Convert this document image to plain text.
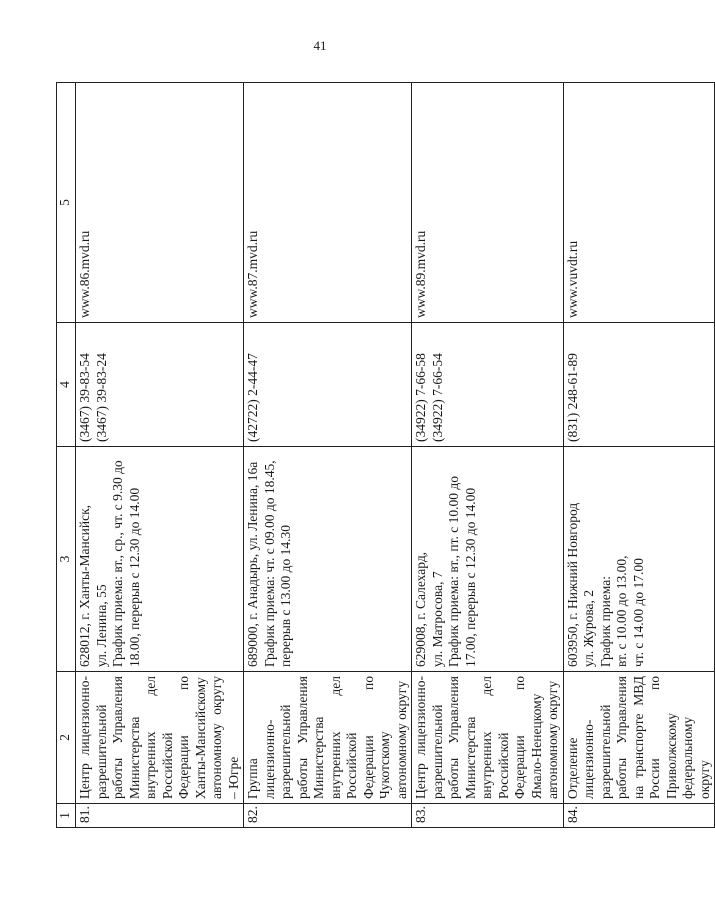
41
1	2	3	4	5
81.	Центр лицензионно-разрешительной работы Управления Министерства внутренних дел Российской Федерации по Ханты-Мансийскому автономному округу – Югре	628012, г. Ханты-Мансийск, ул. Ленина, 55 График приема: вт., ср., чт. с 9.30 до 18.00, перерыв с 12.30 до 14.00	(3467) 39-83-54 (3467) 39-83-24	www.86.mvd.ru
82.	Группа лицензионно-разрешительной работы Управления Министерства внутренних дел Российской Федерации по Чукотскому автономному округу	689000, г. Анадырь, ул. Ленина, 16а График приема: чт. с 09.00 до 18.45, перерыв с 13.00 до 14.30	(42722) 2-44-47	www.87.mvd.ru
83.	Центр лицензионно-разрешительной работы Управления Министерства внутренних дел Российской Федерации по Ямало-Ненецкому автономному округу	629008, г. Салехард, ул. Матросова, 7 График приема: вт., пт. с 10.00 до 17.00, перерыв с 12.30 до 14.00	(34922) 7-66-58 (34922) 7-66-54	www.89.mvd.ru
84.	Отделение лицензионно-разрешительной работы Управления на транспорте МВД России по Приволжскому федеральному округу	603950, г. Нижний Новгород ул. Журова, 2 График приема: вт. с 10.00 до 13.00, чт. с 14.00 до 17.00	(831) 248-61-89	www.vuvdt.ru
